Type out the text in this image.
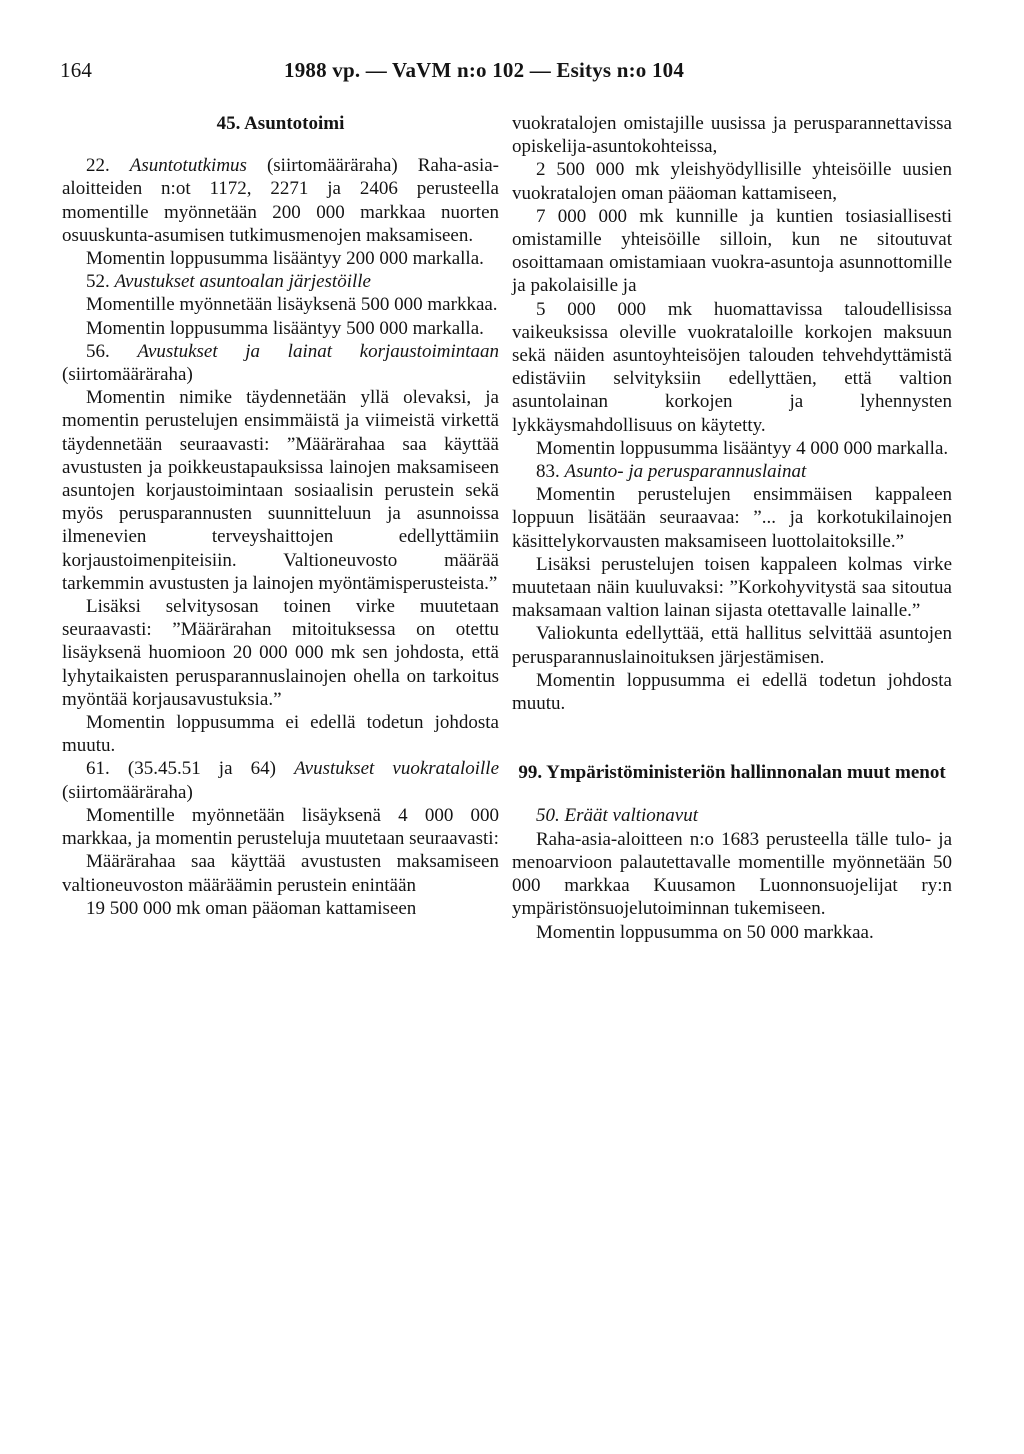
164	1988 vp. — VaVM n:o 102 — Esitys n:o 104

45. Asuntotoimi

22. Asuntotutkimus (siirtomääräraha) Raha-asia-aloitteiden n:ot 1172, 2271 ja 2406 perusteella momentille myönnetään 200 000 markkaa nuorten osuuskunta-asumisen tutkimusmenojen maksamiseen.

Momentin loppusumma lisääntyy 200 000 markalla.

52. Avustukset asuntoalan järjestöille

Momentille myönnetään lisäyksenä 500 000 markkaa.

Momentin loppusumma lisääntyy 500 000 markalla.

56. Avustukset ja lainat korjaustoimintaan (siirtomääräraha)

Momentin nimike täydennetään yllä olevaksi, ja momentin perustelujen ensimmäistä ja viimeistä virkettä täydennetään seuraavasti: ”Määrärahaa saa käyttää avustusten ja poikkeustapauksissa lainojen maksamiseen asuntojen korjaustoimintaan sosiaalisin perustein sekä myös perusparannusten suunnitteluun ja asunnoissa ilmenevien terveyshaittojen edellyttämiin korjaustoimenpiteisiin. Valtioneuvosto määrää tarkemmin avustusten ja lainojen myöntämisperusteista.”

Lisäksi selvitysosan toinen virke muutetaan seuraavasti: ”Määrärahan mitoituksessa on otettu lisäyksenä huomioon 20 000 000 mk sen johdosta, että lyhytaikaisten perusparannuslainojen ohella on tarkoitus myöntää korjausavustuksia.”

Momentin loppusumma ei edellä todetun johdosta muutu.

61. (35.45.51 ja 64) Avustukset vuokrataloille (siirtomääräraha)

Momentille myönnetään lisäyksenä 4 000 000 markkaa, ja momentin perusteluja muutetaan seuraavasti:

Määrärahaa saa käyttää avustusten maksamiseen valtioneuvoston määräämin perustein enintään

19 500 000 mk oman pääoman kattamiseen

vuokratalojen omistajille uusissa ja perusparannettavissa opiskelija-asuntokohteissa,

2 500 000 mk yleishyödyllisille yhteisöille uusien vuokratalojen oman pääoman kattamiseen,

7 000 000 mk kunnille ja kuntien tosiasiallisesti omistamille yhteisöille silloin, kun ne sitoutuvat osoittamaan omistamiaan vuokra-asuntoja asunnottomille ja pakolaisille ja

5 000 000 mk huomattavissa taloudellisissa vaikeuksissa oleville vuokrataloille korkojen maksuun sekä näiden asuntoyhteisöjen talouden tehvehdyttämistä edistäviin selvityksiin edellyttäen, että valtion asuntolainan korkojen ja lyhennysten lykkäysmahdollisuus on käytetty.

Momentin loppusumma lisääntyy 4 000 000 markalla.

83. Asunto- ja perusparannuslainat

Momentin perustelujen ensimmäisen kappaleen loppuun lisätään seuraavaa: ”... ja korkotukilainojen käsittelykorvausten maksamiseen luottolaitoksille.”

Lisäksi perustelujen toisen kappaleen kolmas virke muutetaan näin kuuluvaksi: ”Korkohyvitystä saa sitoutua maksamaan valtion lainan sijasta otettavalle lainalle.”

Valiokunta edellyttää, että hallitus selvittää asuntojen perusparannuslainoituksen järjestämisen.

Momentin loppusumma ei edellä todetun johdosta muutu.

99. Ympäristöministeriön hallinnonalan muut menot

50. Eräät valtionavut

Raha-asia-aloitteen n:o 1683 perusteella tälle tulo- ja menoarvioon palautettavalle momentille myönnetään 50 000 markkaa Kuusamon Luonnonsuojelijat ry:n ympäristönsuojelutoiminnan tukemiseen.

Momentin loppusumma on 50 000 markkaa.
